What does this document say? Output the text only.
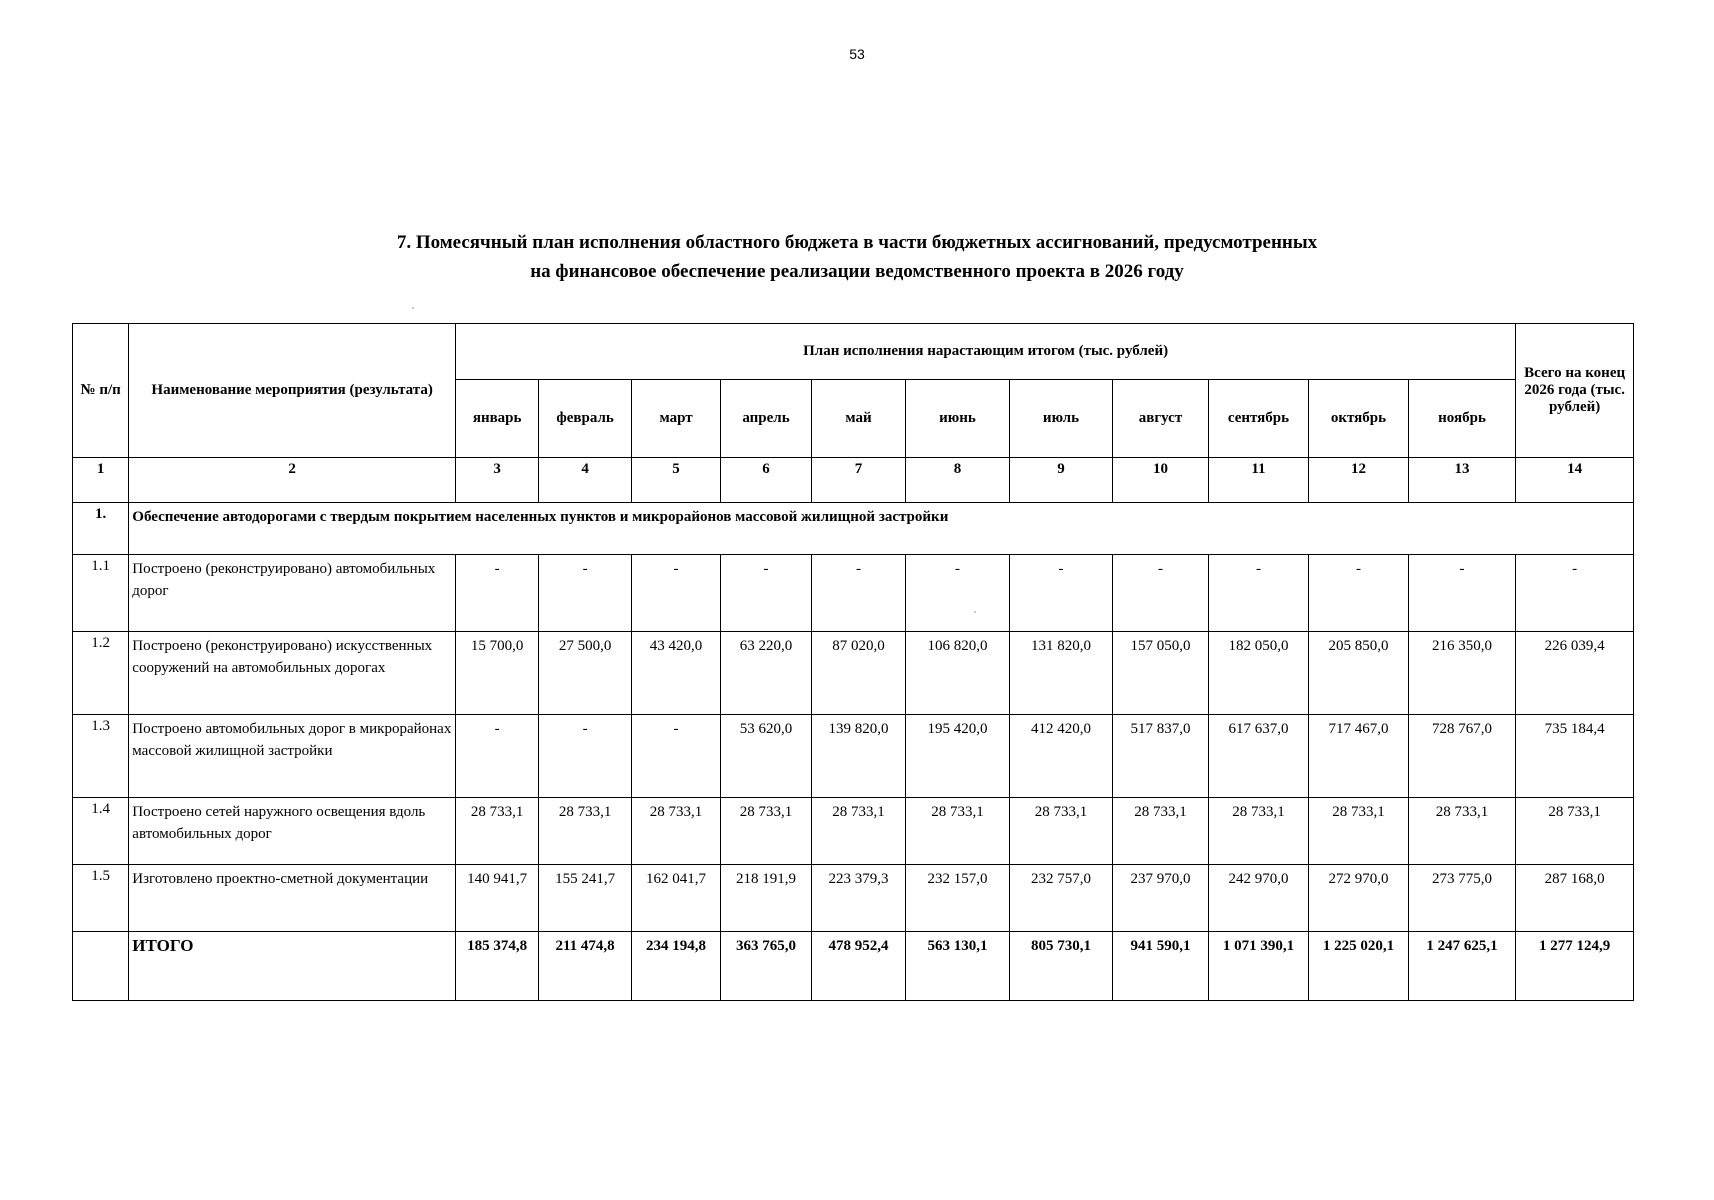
53
7. Помесячный план исполнения областного бюджета в части бюджетных ассигнований, предусмотренных
на финансовое обеспечение реализации ведомственного проекта в 2026 году
№ п/п	Наименование мероприятия (результата)	План исполнения нарастающим итогом (тыс. рублей)											Всего на конец 2026 года (тыс. рублей)
		январь	февраль	март	апрель	май	июнь	июль	август	сентябрь	октябрь	ноябрь	
1	2	3	4	5	6	7	8	9	10	11	12	13	14
1.	Обеспечение автодорогами с твердым покрытием населенных пунктов и микрорайонов массовой жилищной застройки												
1.1	Построено (реконструировано) автомобильных дорог	-	-	-	-	-	-	-	-	-	-	-	-
1.2	Построено (реконструировано) искусственных сооружений на автомобильных дорогах	15 700,0	27 500,0	43 420,0	63 220,0	87 020,0	106 820,0	131 820,0	157 050,0	182 050,0	205 850,0	216 350,0	226 039,4
1.3	Построено автомобильных дорог в микрорайонах массовой жилищной застройки	-	-	-	53 620,0	139 820,0	195 420,0	412 420,0	517 837,0	617 637,0	717 467,0	728 767,0	735 184,4
1.4	Построено сетей наружного освещения вдоль автомобильных дорог	28 733,1	28 733,1	28 733,1	28 733,1	28 733,1	28 733,1	28 733,1	28 733,1	28 733,1	28 733,1	28 733,1	28 733,1
1.5	Изготовлено проектно-сметной документации	140 941,7	155 241,7	162 041,7	218 191,9	223 379,3	232 157,0	232 757,0	237 970,0	242 970,0	272 970,0	273 775,0	287 168,0
	ИТОГО	185 374,8	211 474,8	234 194,8	363 765,0	478 952,4	563 130,1	805 730,1	941 590,1	1 071 390,1	1 225 020,1	1 247 625,1	1 277 124,9
